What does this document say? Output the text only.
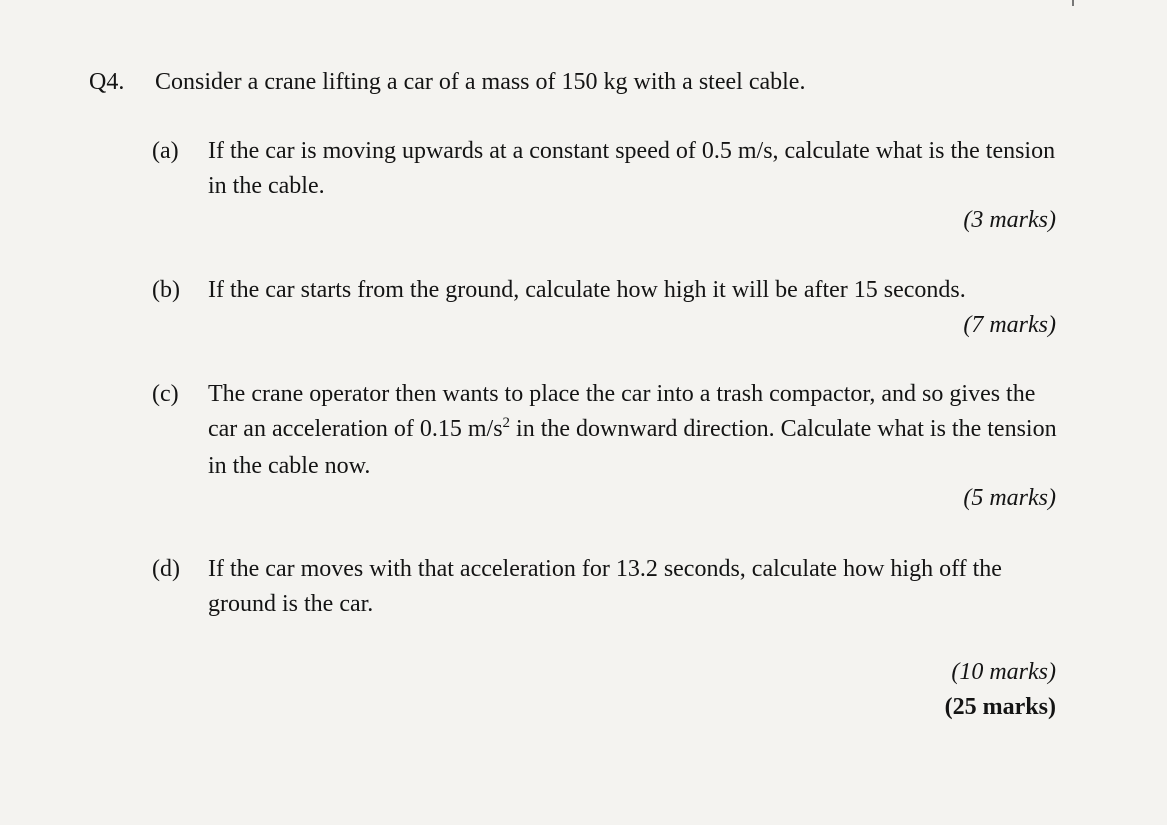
Q4. Consider a crane lifting a car of a mass of 150 kg with a steel cable.
(a) If the car is moving upwards at a constant speed of 0.5 m/s, calculate what is the tension in the cable.
(3 marks)
(b) If the car starts from the ground, calculate how high it will be after 15 seconds.
(7 marks)
(c) The crane operator then wants to place the car into a trash compactor, and so gives the car an acceleration of 0.15 $m/s^2$ in the downward direction. Calculate what is the tension in the cable now.
(5 marks)
(d) If the car moves with that acceleration for 13.2 seconds, calculate how high off the ground is the car.
(10 marks)
(25 marks)
